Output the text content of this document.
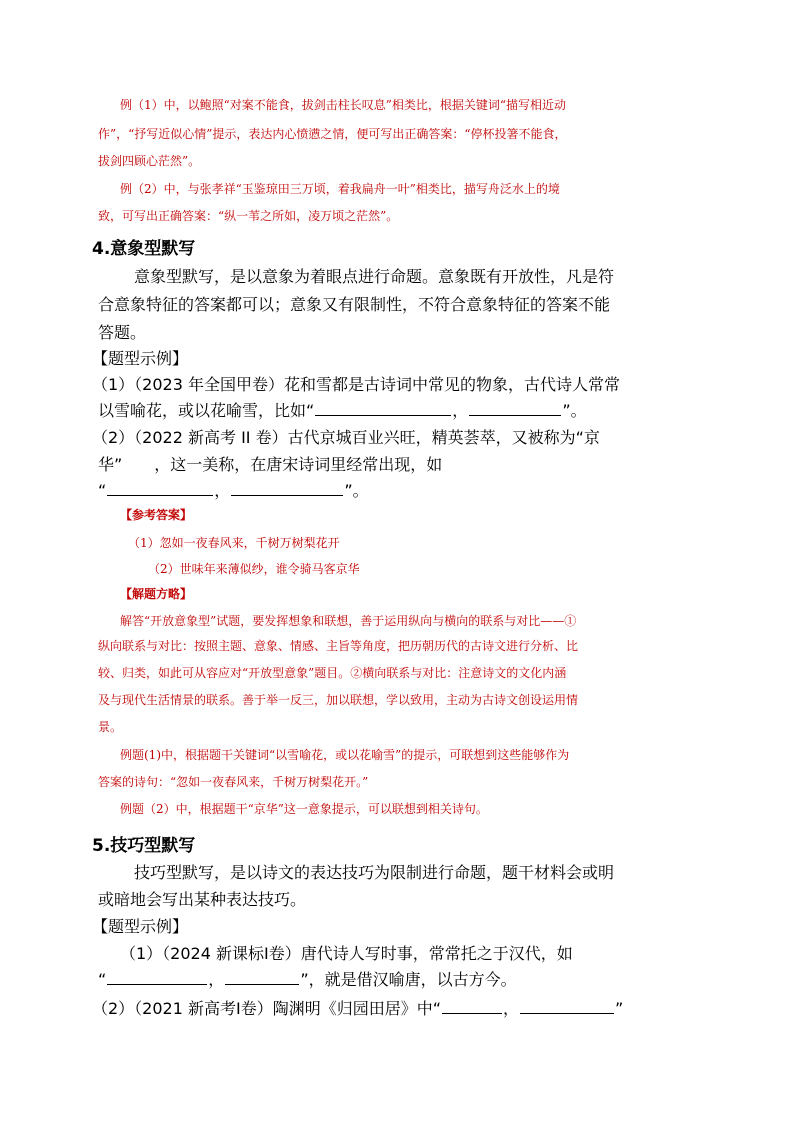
例（1）中，以鲍照“对案不能食，拔剑击柱长叹息”相类比，根据关键词“描写相近动
作”，“抒写近似心情”提示，表达内心愤懑之情，便可写出正确答案：“停杯投箸不能食，
拔剑四顾心茫然”。
例（2）中，与张孝祥“玉鉴琼田三万顷，着我扁舟一叶”相类比，描写舟泛水上的境
致，可写出正确答案：“纵一苇之所如，凌万顷之茫然”。
4.意象型默写
意象型默写，是以意象为着眼点进行命题。意象既有开放性，凡是符
合意象特征的答案都可以；意象又有限制性，不符合意象特征的答案不能
答题。
【题型示例】
（1）（2023 年全国甲卷）花和雪都是古诗词中常见的物象，古代诗人常常
以雪喻花，或以花喻雪，比如“	，	”。
（2）（2022 新高考 II 卷）古代京城百业兴旺，精英荟萃，又被称为“京
华”　　，这一美称，在唐宋诗词里经常出现，如
“	，	”。
【参考答案】
（1）忽如一夜春风来，千树万树梨花开
（2）世味年来薄似纱，谁令骑马客京华
【解题方略】
解答“开放意象型”试题，要发挥想象和联想，善于运用纵向与横向的联系与对比——①
纵向联系与对比：按照主题、意象、情感、主旨等角度，把历朝历代的古诗文进行分析、比
较、归类，如此可从容应对“开放型意象”题目。②横向联系与对比：注意诗文的文化内涵
及与现代生活情景的联系。善于举一反三，加以联想，学以致用，主动为古诗文创设运用情
景。
例题(1)中，根据题干关键词“以雪喻花，或以花喻雪”的提示，可联想到这些能够作为
答案的诗句：“忽如一夜春风来，千树万树梨花开。”
例题（2）中，根据题干“京华”这一意象提示，可以联想到相关诗句。
5.技巧型默写
技巧型默写，是以诗文的表达技巧为限制进行命题，题干材料会或明
或暗地会写出某种表达技巧。
【题型示例】
（1）（2024 新课标Ⅰ卷）唐代诗人写时事，常常托之于汉代，如
“	，	”，就是借汉喻唐，以古方今。
（2）（2021 新高考Ⅰ卷）陶渊明《归园田居》中“	，	”
